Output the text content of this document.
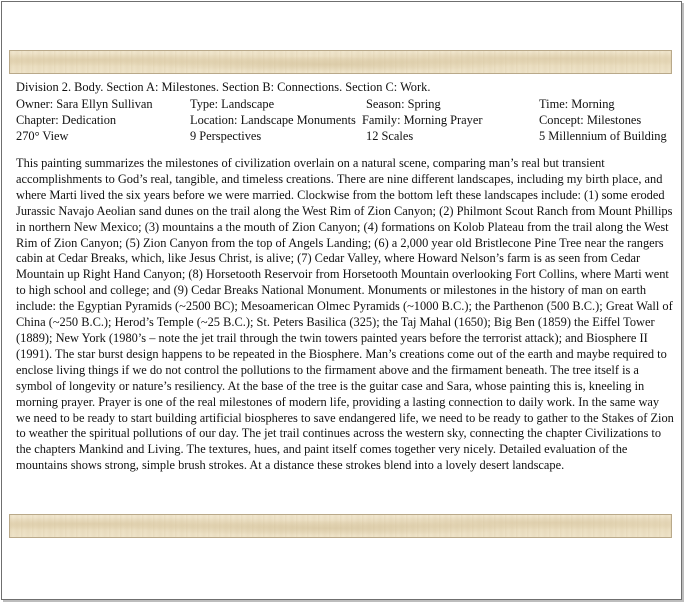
Division 2. Body. Section A: Milestones. Section B: Connections. Section C: Work.
Owner: Sara Ellyn Sullivan	Type: Landscape	Season: Spring	Time: Morning
Chapter: Dedication	Location: Landscape Monuments Family: Morning Prayer	Concept: Milestones
270° View	9 Perspectives	12 Scales	5 Millennium of Building
This painting summarizes the milestones of civilization overlain on a natural scene, comparing man’s real but transient accomplishments to God’s real, tangible, and timeless creations. There are nine different landscapes, including my birth place, and where Marti lived the six years before we were married. Clockwise from the bottom left these landscapes include: (1) some eroded Jurassic Navajo Aeolian sand dunes on the trail along the West Rim of Zion Canyon; (2) Philmont Scout Ranch from Mount Phillips in northern New Mexico; (3) mountains a the mouth of Zion Canyon; (4) formations on Kolob Plateau from the trail along the West Rim of Zion Canyon; (5) Zion Canyon from the top of Angels Landing; (6) a 2,000 year old Bristlecone Pine Tree near the rangers cabin at Cedar Breaks, which, like Jesus Christ, is alive; (7) Cedar Valley, where Howard Nelson’s farm is as seen from Cedar Mountain up Right Hand Canyon; (8) Horsetooth Reservoir from Horsetooth Mountain overlooking Fort Collins, where Marti went to high school and college; and (9) Cedar Breaks National Monument. Monuments or milestones in the history of man on earth include: the Egyptian Pyramids (~2500 BC); Mesoamerican Olmec Pyramids (~1000 B.C.); the Parthenon (500 B.C.); Great Wall of China (~250 B.C.); Herod’s Temple (~25 B.C.); St. Peters Basilica (325); the Taj Mahal (1650); Big Ben (1859) the Eiffel Tower (1889); New York (1980’s – note the jet trail through the twin towers painted years before the terrorist attack); and Biosphere II (1991). The star burst design happens to be repeated in the Biosphere. Man’s creations come out of the earth and maybe required to enclose living things if we do not control the pollutions to the firmament above and the firmament beneath. The tree itself is a symbol of longevity or nature’s resiliency. At the base of the tree is the guitar case and Sara, whose painting this is, kneeling in morning prayer. Prayer is one of the real milestones of modern life, providing a lasting connection to daily work. In the same way we need to be ready to start building artificial biospheres to save endangered life, we need to be ready to gather to the Stakes of Zion to weather the spiritual pollutions of our day. The jet trail continues across the western sky, connecting the chapter Civilizations to the chapters Mankind and Living. The textures, hues, and paint itself comes together very nicely. Detailed evaluation of the mountains shows strong, simple brush strokes. At a distance these strokes blend into a lovely desert landscape.
